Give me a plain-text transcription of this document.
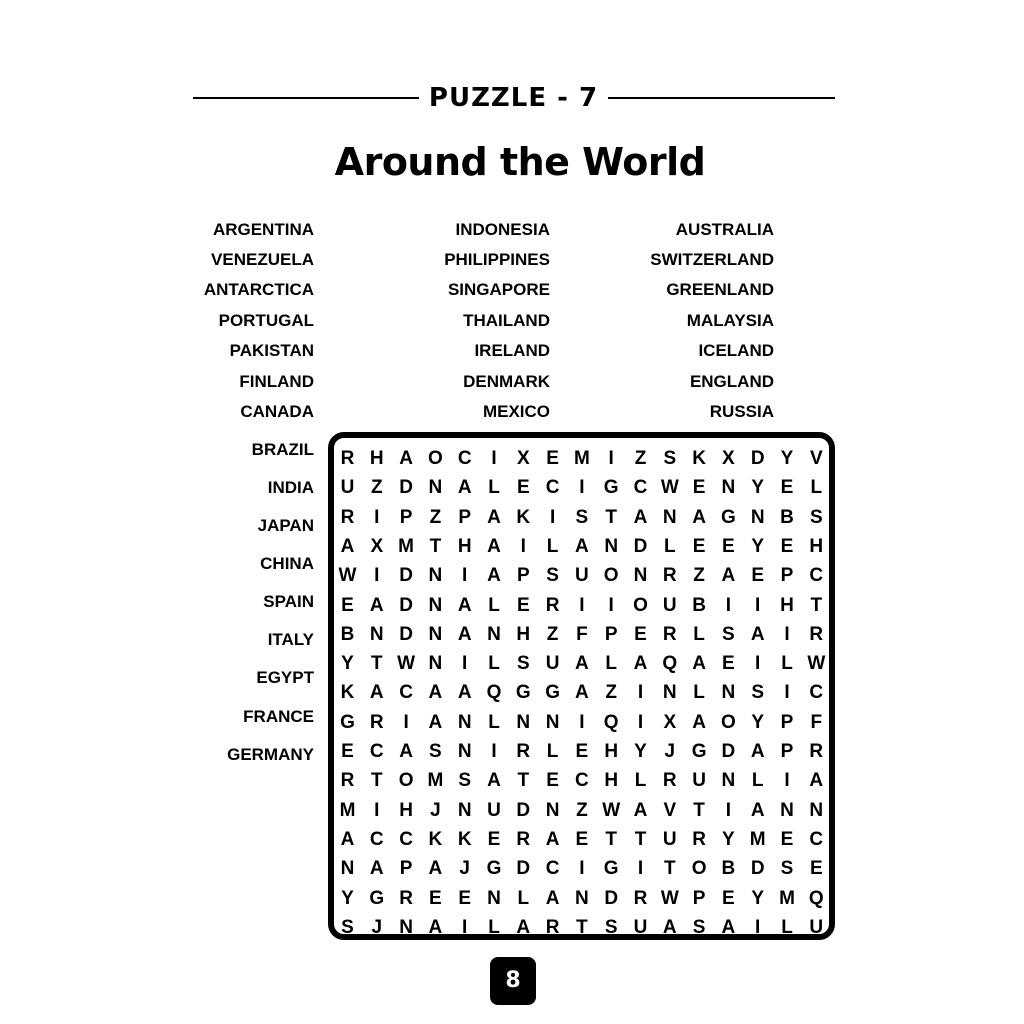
PUZZLE - 7
Around the World
ARGENTINA
VENEZUELA
ANTARCTICA
PORTUGAL
PAKISTAN
FINLAND
CANADA
INDONESIA
PHILIPPINES
SINGAPORE
THAILAND
IRELAND
DENMARK
MEXICO
AUSTRALIA
SWITZERLAND
GREENLAND
MALAYSIA
ICELAND
ENGLAND
RUSSIA
BRAZIL
INDIA
JAPAN
CHINA
SPAIN
ITALY
EGYPT
FRANCE
GERMANY
R H A O C	I	X E M I	Z S K X D Y V
U Z D N A L E C	I	G C W E N Y E L
R	I	P Z P A K	I	S T A N A G N B S
A X M T H A	I	L A N D L E E Y E H
W I	D N	I	A P S U O N R Z A E P C
E A D N A L E R	I	I	O U B	I	I	H T
B N D N A N H Z F P E R L S A	I	R
Y T W N	I	L S U A L A Q A E	I	L W
K A C A A Q G G A Z	I	N L N S	I	C
G R	I	A N L N N	I	Q	I	X A O Y P F
E C A S N	I	R L E H Y J G D A P R
R T O M S A T E C H L R U N L	I	A
M I	H J N U D N Z W A V T	I	A N N
A C C K K E R A E T T U R Y M E C
N A P A J G D C	I	G	I	T O B D S E
Y G R E E N L A N D R W P E Y M Q
S J N A	I	L A R T S U A S A	I	L U
8
